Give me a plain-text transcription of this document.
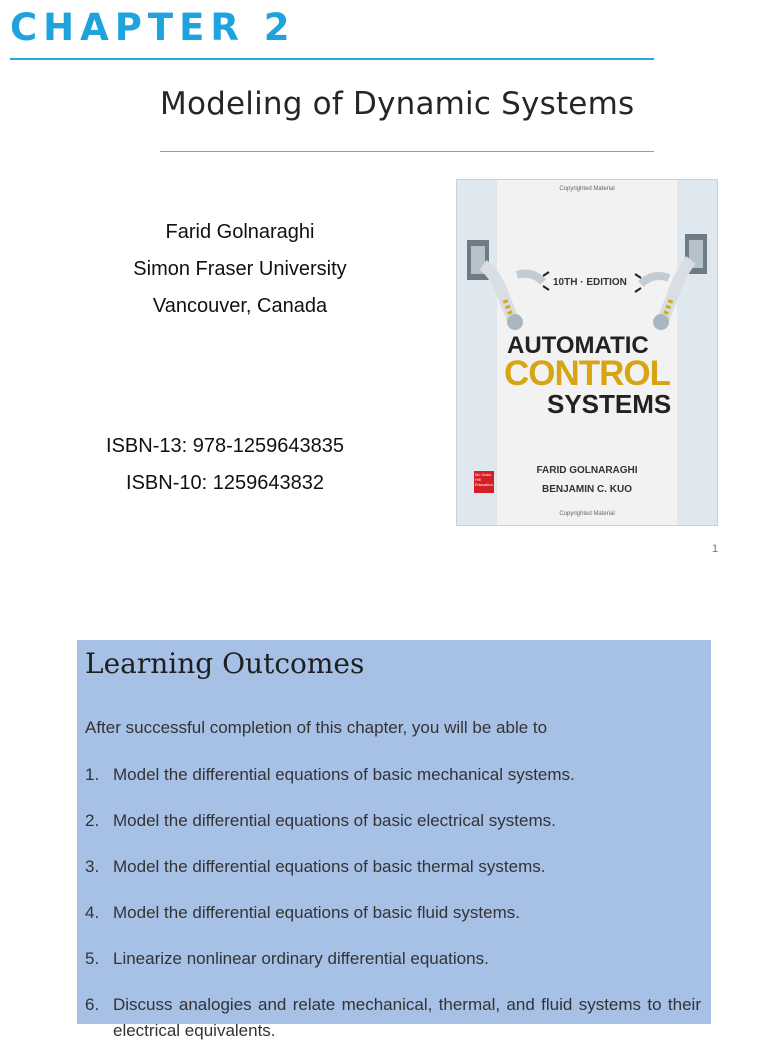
CHAPTER 2
Modeling of Dynamic Systems
Farid Golnaraghi
Simon Fraser University
Vancouver, Canada
ISBN-13: 978-1259643835
ISBN-10: 1259643832
Copyrighted Material
10TH · EDITION
AUTOMATIC
CONTROL
SYSTEMS
FARID GOLNARAGHI
BENJAMIN C. KUO
Mc Graw Hill Education
Copyrighted Material
1
Learning Outcomes
After successful completion of this chapter, you will be able to
1. Model the differential equations of basic mechanical systems.
2. Model the differential equations of basic electrical systems.
3. Model the differential equations of basic thermal systems.
4. Model the differential equations of basic fluid systems.
5. Linearize nonlinear ordinary differential equations.
6. Discuss analogies and relate mechanical, thermal, and fluid systems to their electrical equivalents.
